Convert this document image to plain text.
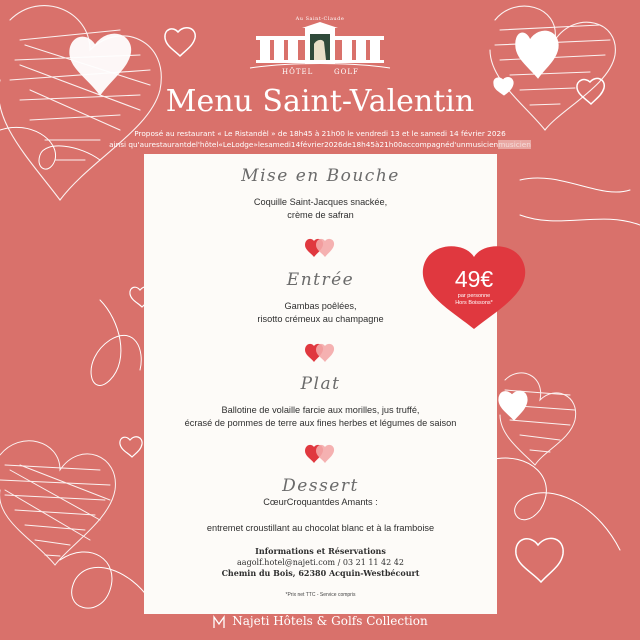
Au Saint-Claude
HÔTEL	GOLF
Menu Saint-Valentin
Proposé au restaurant « Le Ristandèl » de 18h45 à 21h00 le vendredi 13 et le samedi 14 février 2026
ainsi qu'aurestaurantdel'hôtel«LeLodge»lesamedi14février2026de18h45à21h00accompagnéd'unmusicienmusicien

Mise en Bouche

Coquille Saint-Jacques snackée,

crème de safran

Entrée

Gambas poêlées,

risotto crémeux au champagne

Plat

Ballotine de volaille farcie aux morilles, jus truffé,

écrasé de pommes de terre aux fines herbes et légumes de saison

Dessert

CœurCroquantdes Amants :

entremet croustillant au chocolat blanc et à la framboise

Informations et Réservations
aagolf.hotel@najeti.com / 03 21 11 42 42
Chemin du Bois, 62380 Acquin-Westbécourt
*Prix net TTC - Service compris
49€
par personne
Hors Boissons*
Najeti Hôtels & Golfs Collection
